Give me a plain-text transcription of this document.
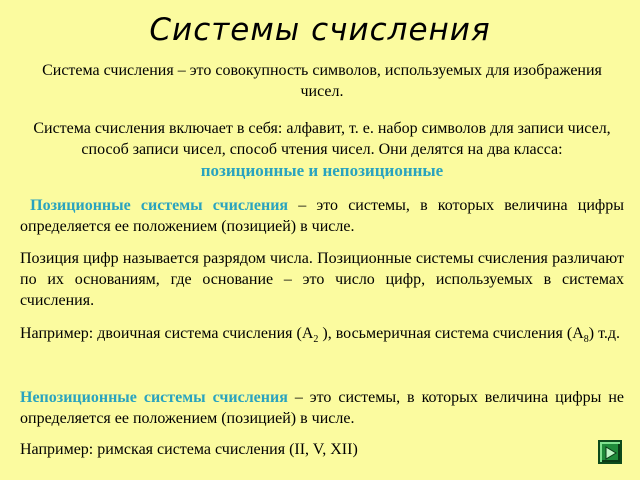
Системы счисления
Система счисления – это совокупность символов, используемых для изображения чисел.
Система счисления включает в себя: алфавит, т. е. набор символов для записи чисел, способ записи чисел, способ чтения чисел. Они делятся на два класса:
позиционные и непозиционные
Позиционные системы счисления – это системы, в которых величина цифры определяется ее положением (позицией) в числе.
Позиция цифр называется разрядом числа. Позиционные системы счисления различают по их основаниям, где основание – это число цифр, используемых в системах счисления.
Например: двоичная система счисления ($А_2$ ), восьмеричная система счисления $(А_8)$ т.д.
Непозиционные системы счисления – это системы, в которых величина цифры не определяется ее положением (позицией) в числе.
Например: римская система счисления (II, V, XII)
